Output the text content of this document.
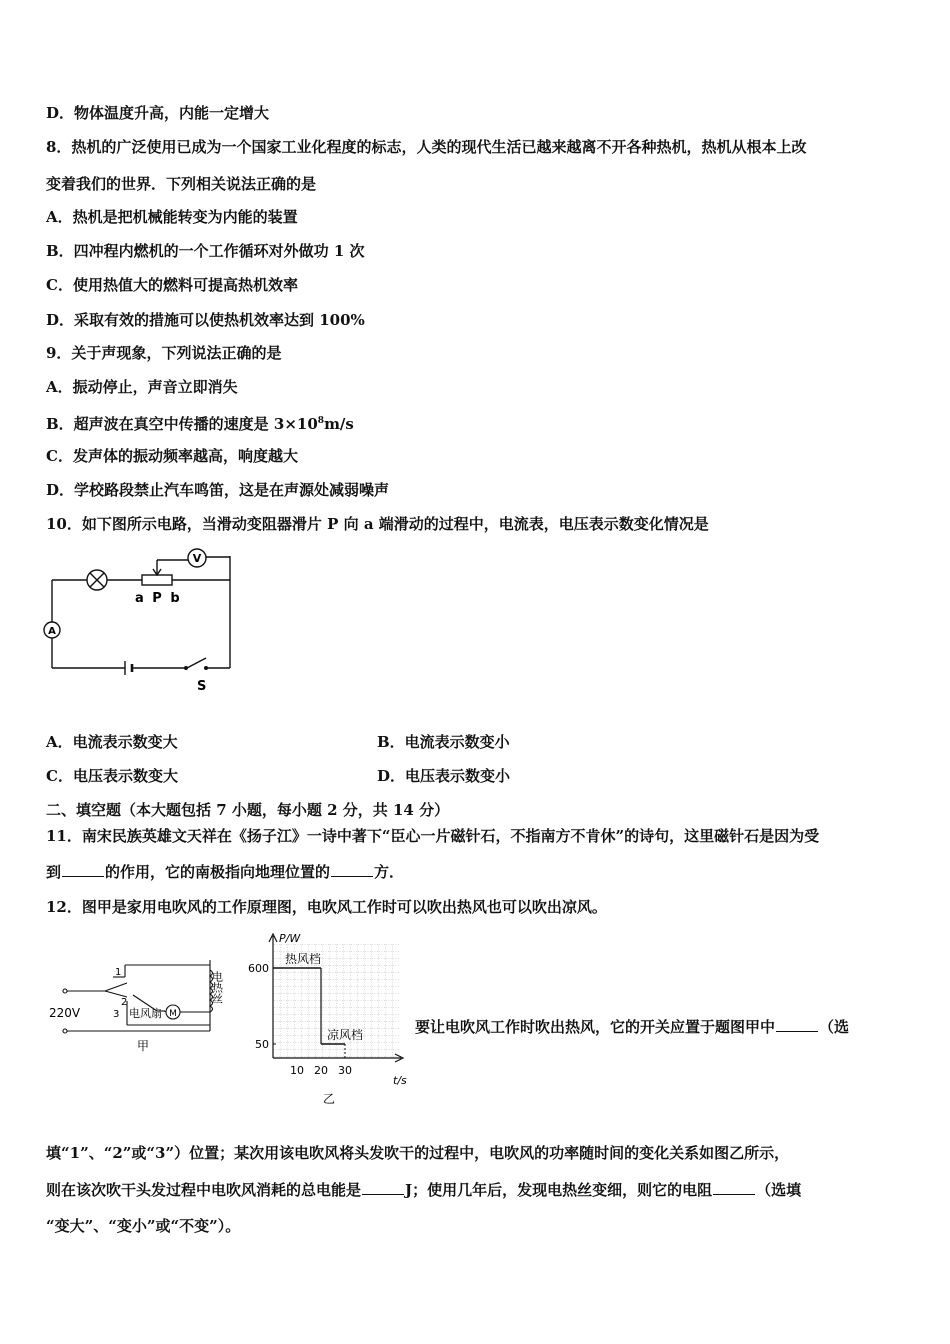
D．物体温度升高，内能一定增大
8．热机的广泛使用已成为一个国家工业化程度的标志，人类的现代生活已越来越离不开各种热机，热机从根本上改
变着我们的世界．下列相关说法正确的是
A．热机是把机械能转变为内能的装置
B．四冲程内燃机的一个工作循环对外做功 1 次
C．使用热值大的燃料可提高热机效率
D．采取有效的措施可以使热机效率达到 100%
9．关于声现象，下列说法正确的是
A．振动停止，声音立即消失
B．超声波在真空中传播的速度是 $3\times 10^8m/s$
C．发声体的振动频率越高，响度越大
D．学校路段禁止汽车鸣笛，这是在声源处减弱噪声
10．如下图所示电路，当滑动变阻器滑片 P 向 a 端滑动的过程中，电流表，电压表示数变化情况是
V
A
a P b
S
A．电流表示数变大	B．电流表示数变小
C．电压表示数变大	D．电压表示数变小
二、填空题（本大题包括 7 小题，每小题 2 分，共 14 分）
11．南宋民族英雄文天祥在《扬子江》一诗中著下“臣心一片磁针石，不指南方不肯休”的诗句，这里磁针石是因为受
到	的作用，它的南极指向地理位置的	方．
12．图甲是家用电吹风的工作原理图，电吹风工作时可以吹出热风也可以吹出凉风。
M
220V
1
2
3 电风扇
电热丝
甲
P/W
t/s
乙
热风档
凉风档
50
600
10 20 30
要让电吹风工作时吹出热风，它的开关应置于题图甲中	（选
填“1”、“2”或“3”）位置；某次用该电吹风将头发吹干的过程中，电吹风的功率随时间的变化关系如图乙所示，
则在该次吹干头发过程中电吹风消耗的总电能是	J；使用几年后，发现电热丝变细，则它的电阻	（选填
“变大”、“变小”或“不变”）。
